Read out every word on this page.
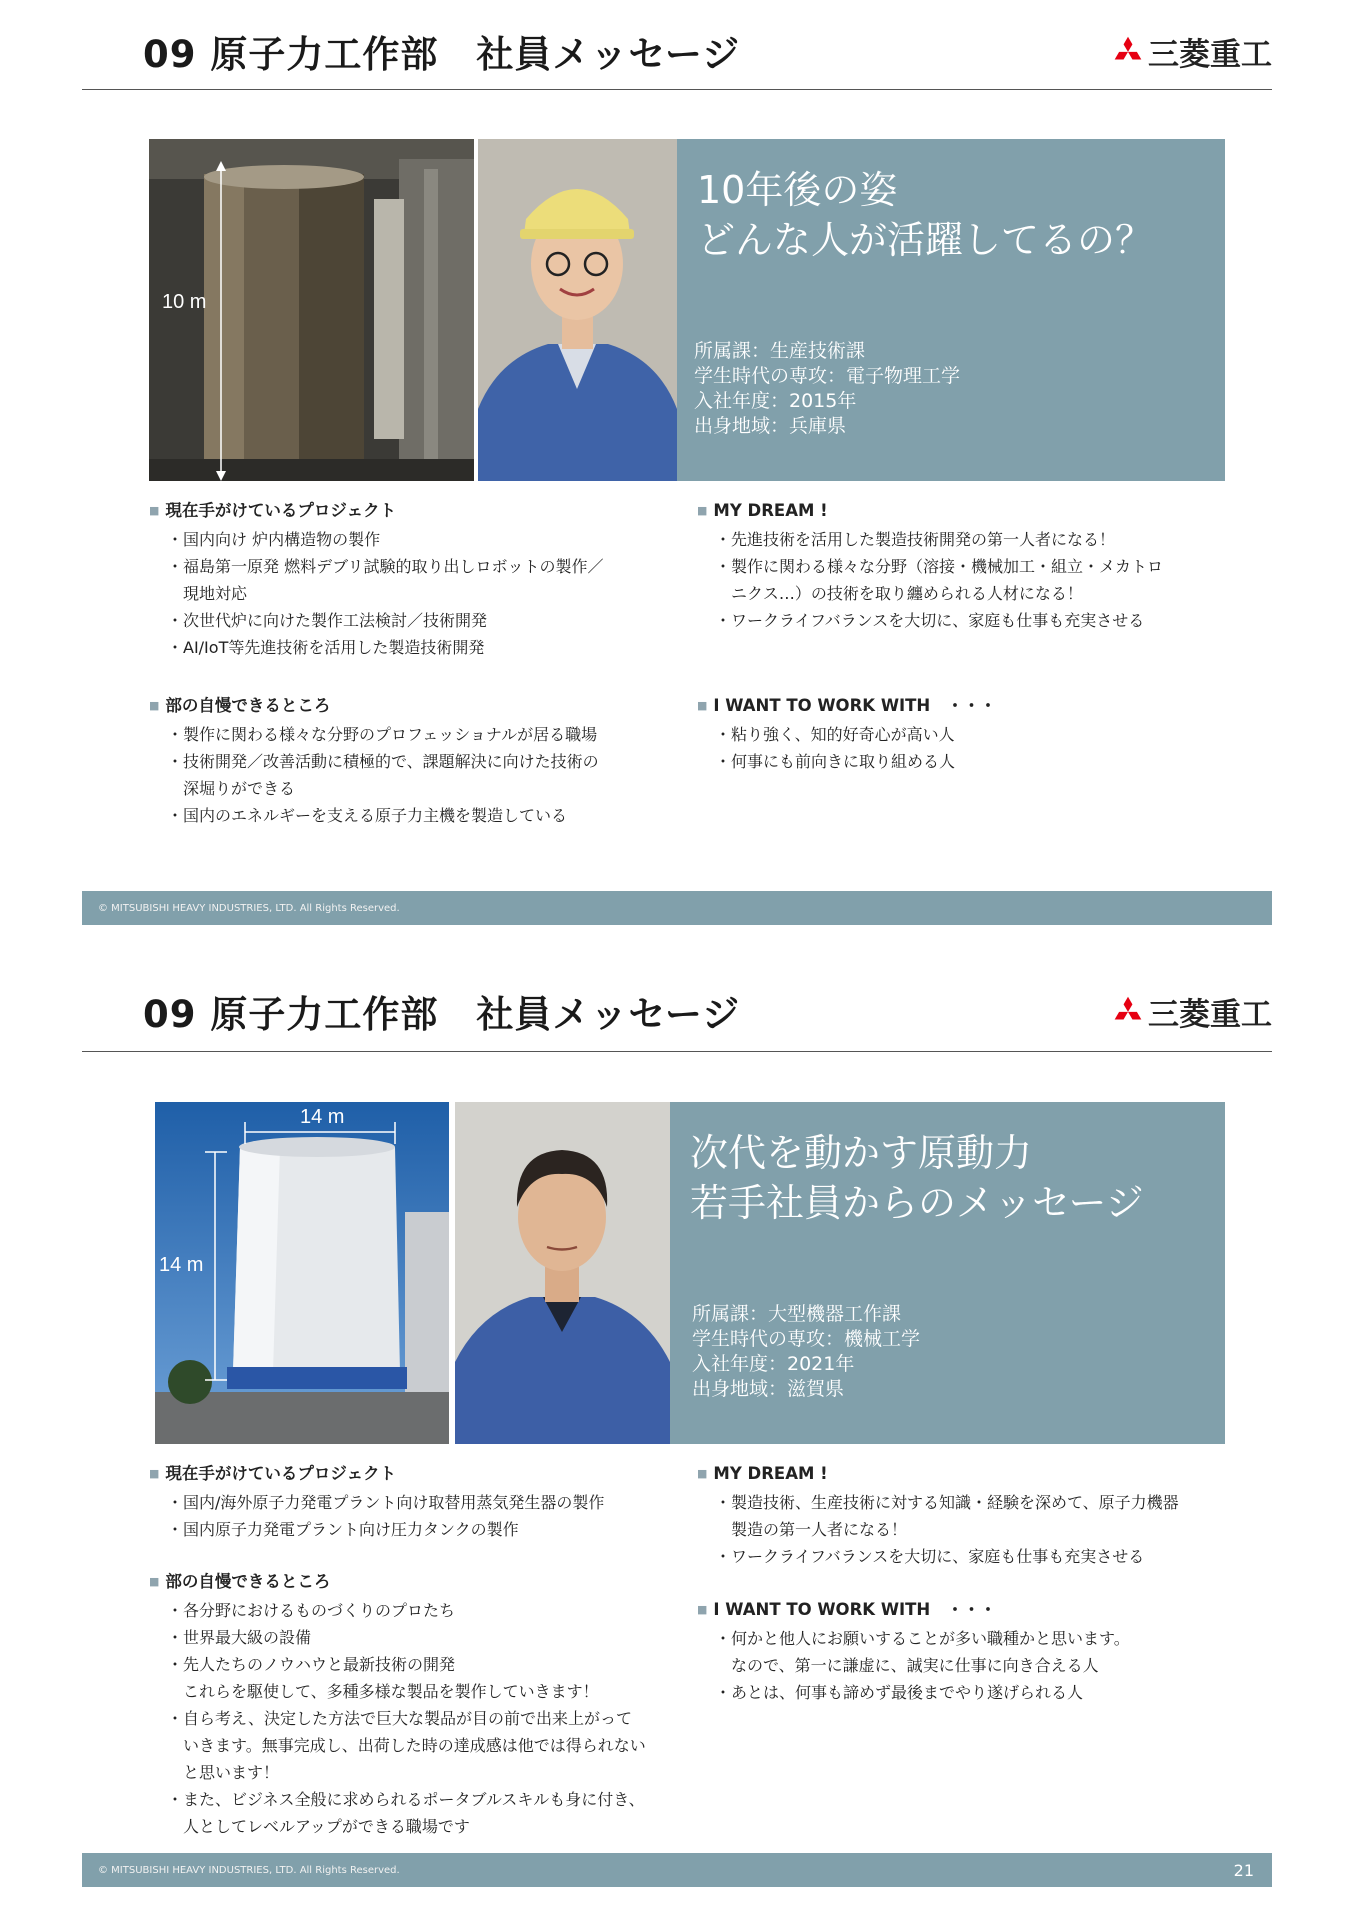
09 原子力工作部　社員メッセージ	三菱重工
10 m
10年後の姿
どんな人が活躍してるの？
所属課：生産技術課
学生時代の専攻：電子物理工学
入社年度：2015年
出身地域：兵庫県
■ 現在手がけているプロジェクト
・ 国内向け 炉内構造物の製作
・ 福島第一原発 燃料デブリ試験的取り出しロボットの製作／
現地対応
・ 次世代炉に向けた製作工法検討／技術開発
・ AI/IoT等先進技術を活用した製造技術開発
■ 部の自慢できるところ
・ 製作に関わる様々な分野のプロフェッショナルが居る職場
・ 技術開発／改善活動に積極的で、課題解決に向けた技術の
深堀りができる
・ 国内のエネルギーを支える原子力主機を製造している
■ MY DREAM !
・ 先進技術を活用した製造技術開発の第一人者になる！
・ 製作に関わる様々な分野（溶接・機械加工・組立・メカトロ
ニクス…）の技術を取り纏められる人材になる！
・ ワークライフバランスを大切に、家庭も仕事も充実させる
■ I WANT TO WORK WITH　・・・
・ 粘り強く、知的好奇心が高い人
・ 何事にも前向きに取り組める人
© MITSUBISHI HEAVY INDUSTRIES, LTD. All Rights Reserved.
09 原子力工作部　社員メッセージ	三菱重工
14 m
14 m
次代を動かす原動力
若手社員からのメッセージ
所属課：大型機器工作課
学生時代の専攻：機械工学
入社年度：2021年
出身地域：滋賀県
■ 現在手がけているプロジェクト
・ 国内/海外原子力発電プラント向け取替用蒸気発生器の製作
・ 国内原子力発電プラント向け圧力タンクの製作
■ 部の自慢できるところ
・ 各分野におけるものづくりのプロたち
・ 世界最大級の設備
・ 先人たちのノウハウと最新技術の開発
これらを駆使して、多種多様な製品を製作していきます！
・ 自ら考え、決定した方法で巨大な製品が目の前で出来上がって
いきます。無事完成し、出荷した時の達成感は他では得られない
と思います！
・ また、ビジネス全般に求められるポータブルスキルも身に付き、
人としてレベルアップができる職場です
■ MY DREAM !
・ 製造技術、生産技術に対する知識・経験を深めて、原子力機器
製造の第一人者になる！
・ ワークライフバランスを大切に、家庭も仕事も充実させる
■ I WANT TO WORK WITH　・・・
・ 何かと他人にお願いすることが多い職種かと思います。
なので、第一に謙虚に、誠実に仕事に向き合える人
・ あとは、何事も諦めず最後までやり遂げられる人
© MITSUBISHI HEAVY INDUSTRIES, LTD. All Rights Reserved.	21
